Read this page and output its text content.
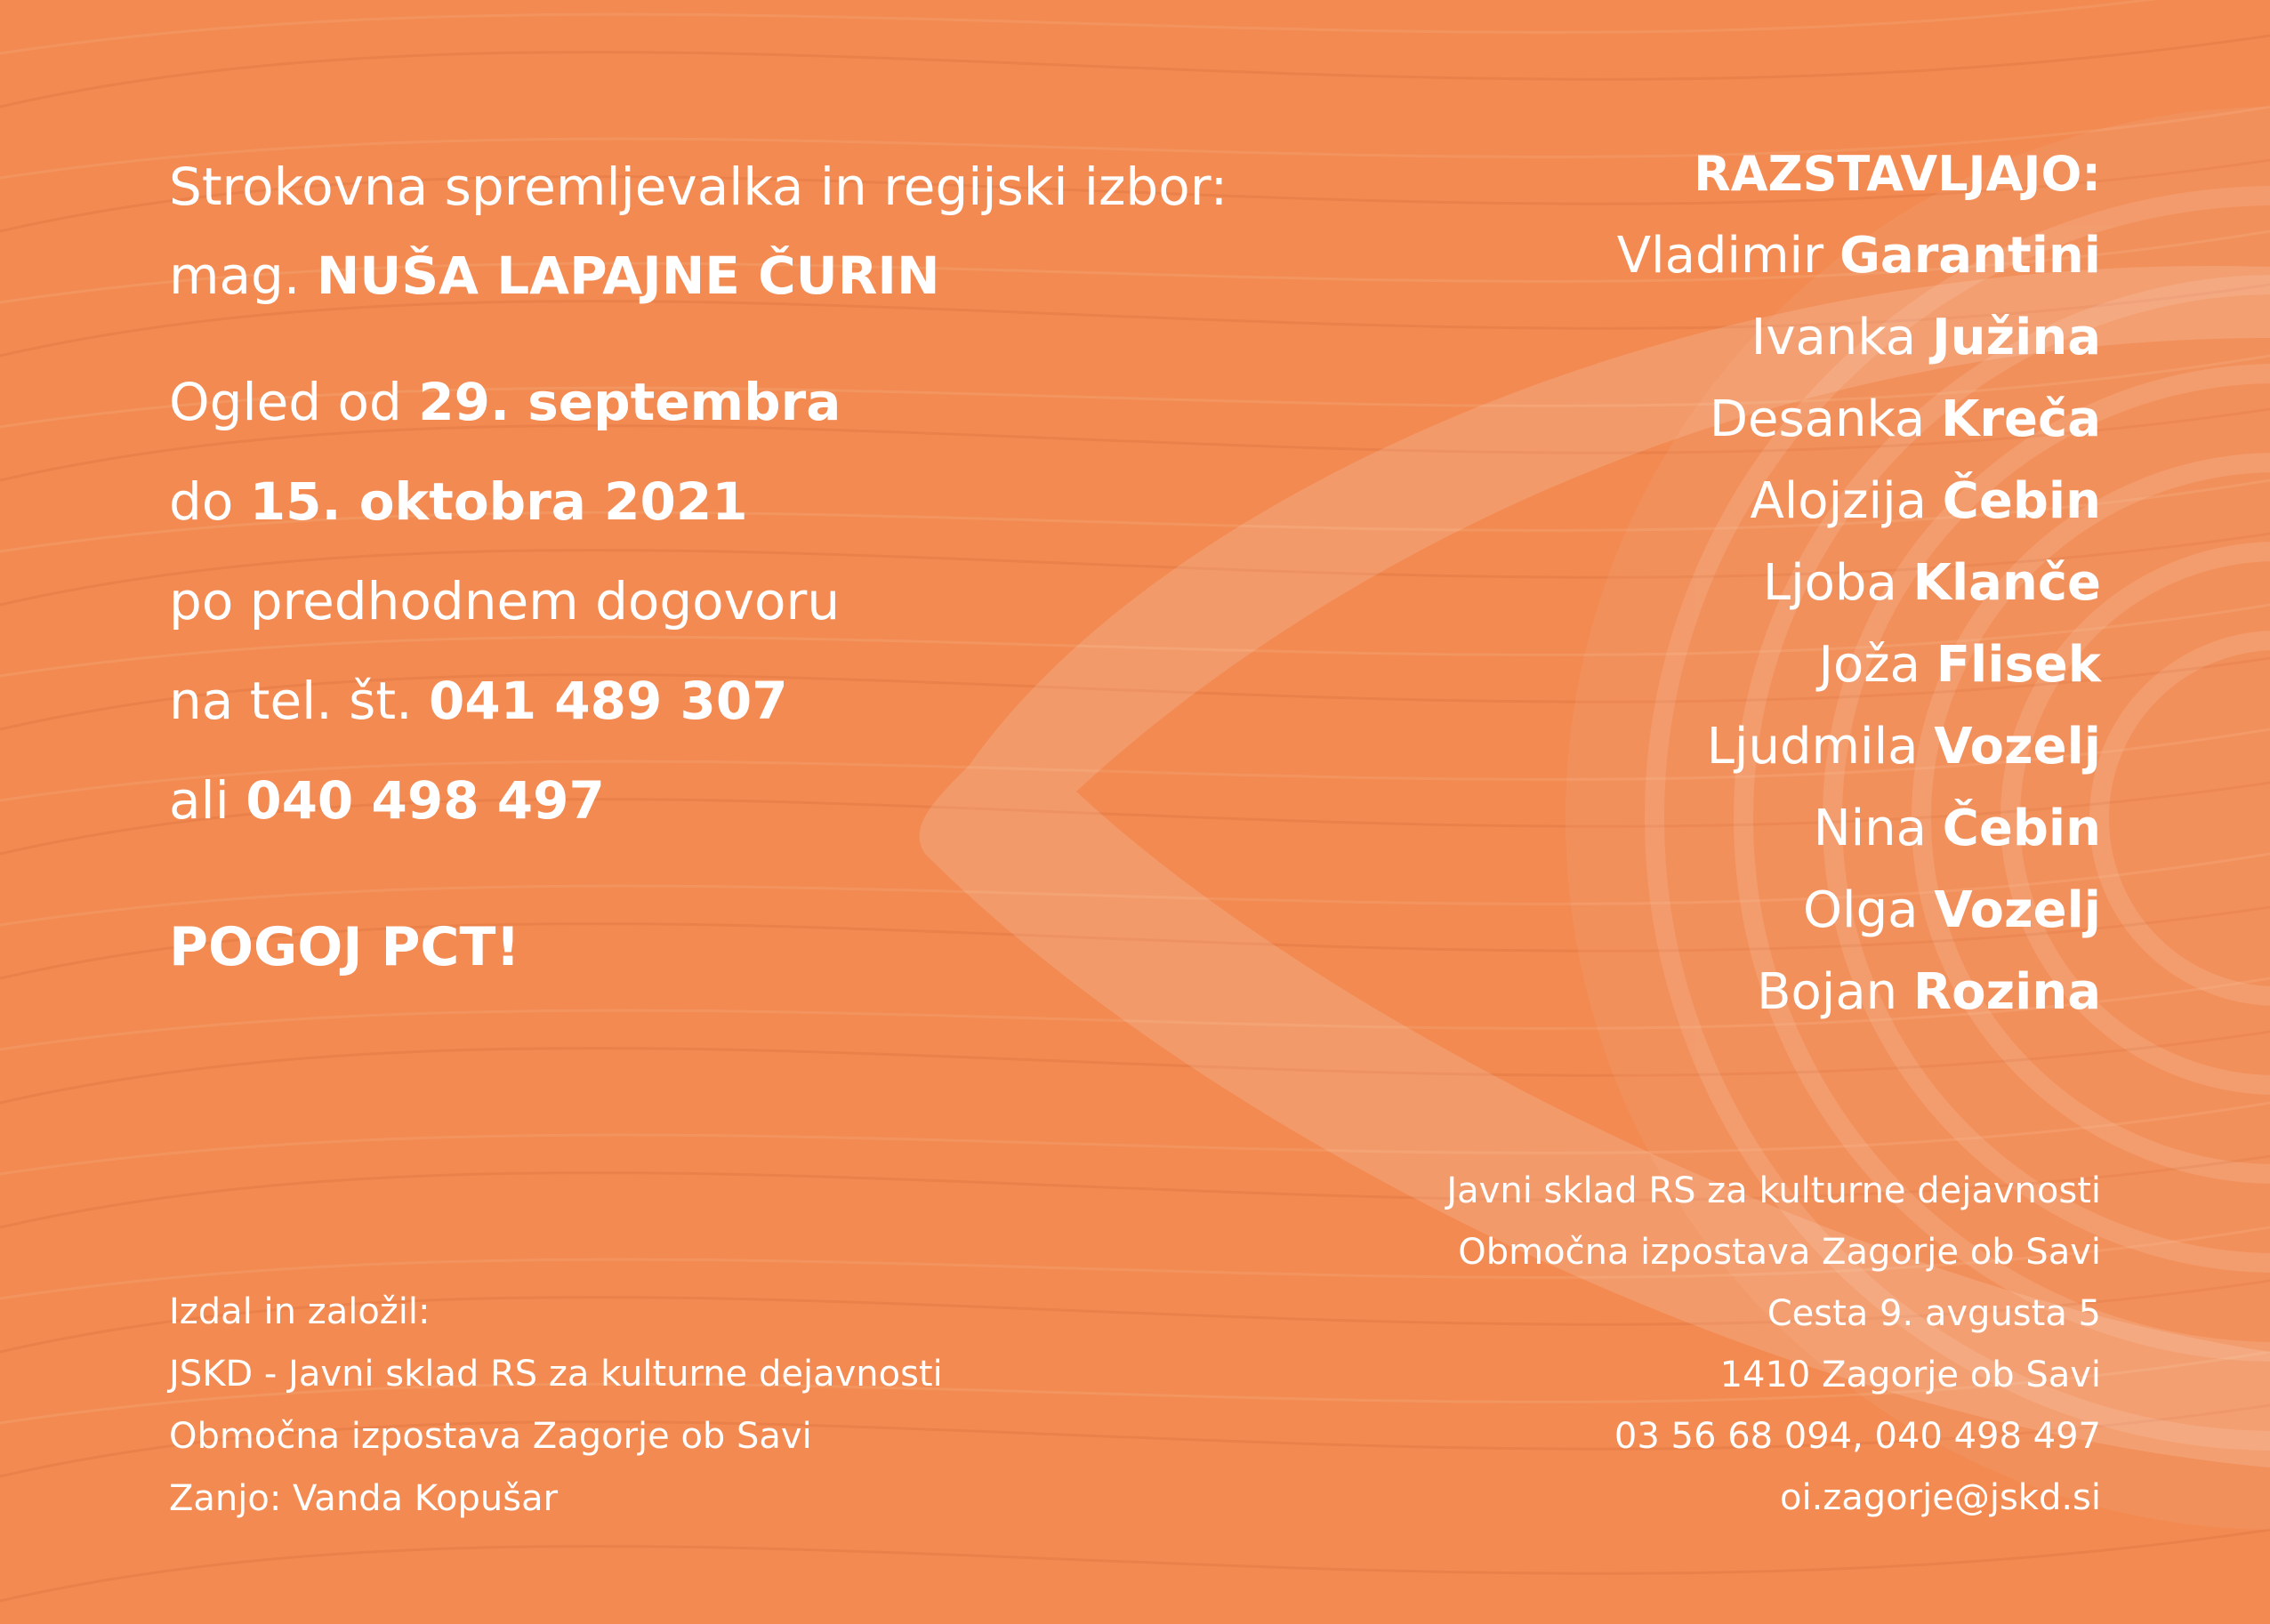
Strokovna spremljevalka in regijski izbor:
mag. NUŠA LAPAJNE ČURIN
Ogled od 29. septembra
do 15. oktobra 2021
po predhodnem dogovoru
na tel. št. 041 489 307
ali 040 498 497
POGOJ PCT!
RAZSTAVLJAJO:
Vladimir Garantini
Ivanka Južina
Desanka Kreča
Alojzija Čebin
Ljoba Klanče
Joža Flisek
Ljudmila Vozelj
Nina Čebin
Olga Vozelj
Bojan Rozina
Izdal in založil:
JSKD - Javni sklad RS za kulturne dejavnosti
Območna izpostava Zagorje ob Savi
Zanjo: Vanda Kopušar
Javni sklad RS za kulturne dejavnosti
Območna izpostava Zagorje ob Savi
Cesta 9. avgusta 5
1410 Zagorje ob Savi
03 56 68 094, 040 498 497
oi.zagorje@jskd.si
